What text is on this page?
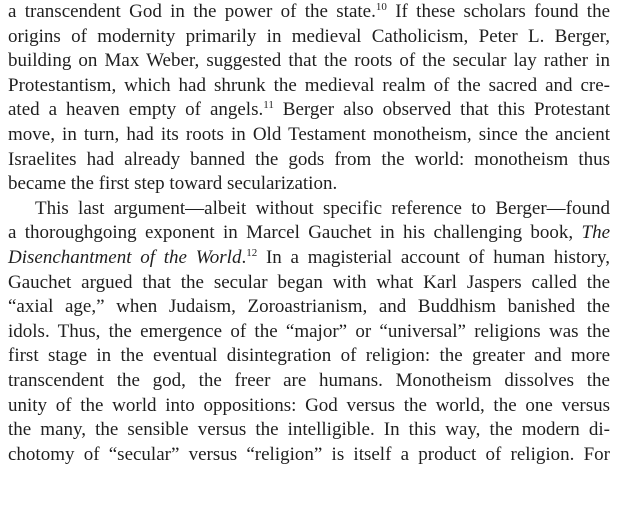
a transcendent God in the power of the state.$^{10}$ If these scholars found the
origins of modernity primarily in medieval Catholicism, Peter L. Berger,
building on Max Weber, suggested that the roots of the secular lay rather in
Protestantism, which had shrunk the medieval realm of the sacred and cre-
ated a heaven empty of angels.$^{11}$ Berger also observed that this Protestant
move, in turn, had its roots in Old Testament monotheism, since the ancient
Israelites had already banned the gods from the world: monotheism thus
became the first step toward secularization.
This last argument—albeit without specific reference to Berger—found
a thoroughgoing exponent in Marcel Gauchet in his challenging book, The
Disenchantment of the World.$^{12}$ In a magisterial account of human history,
Gauchet argued that the secular began with what Karl Jaspers called the
“axial age,” when Judaism, Zoroastrianism, and Buddhism banished the
idols. Thus, the emergence of the “major” or “universal” religions was the
first stage in the eventual disintegration of religion: the greater and more
transcendent the god, the freer are humans. Monotheism dissolves the
unity of the world into oppositions: God versus the world, the one versus
the many, the sensible versus the intelligible. In this way, the modern di-
chotomy of “secular” versus “religion” is itself a product of religion. For
